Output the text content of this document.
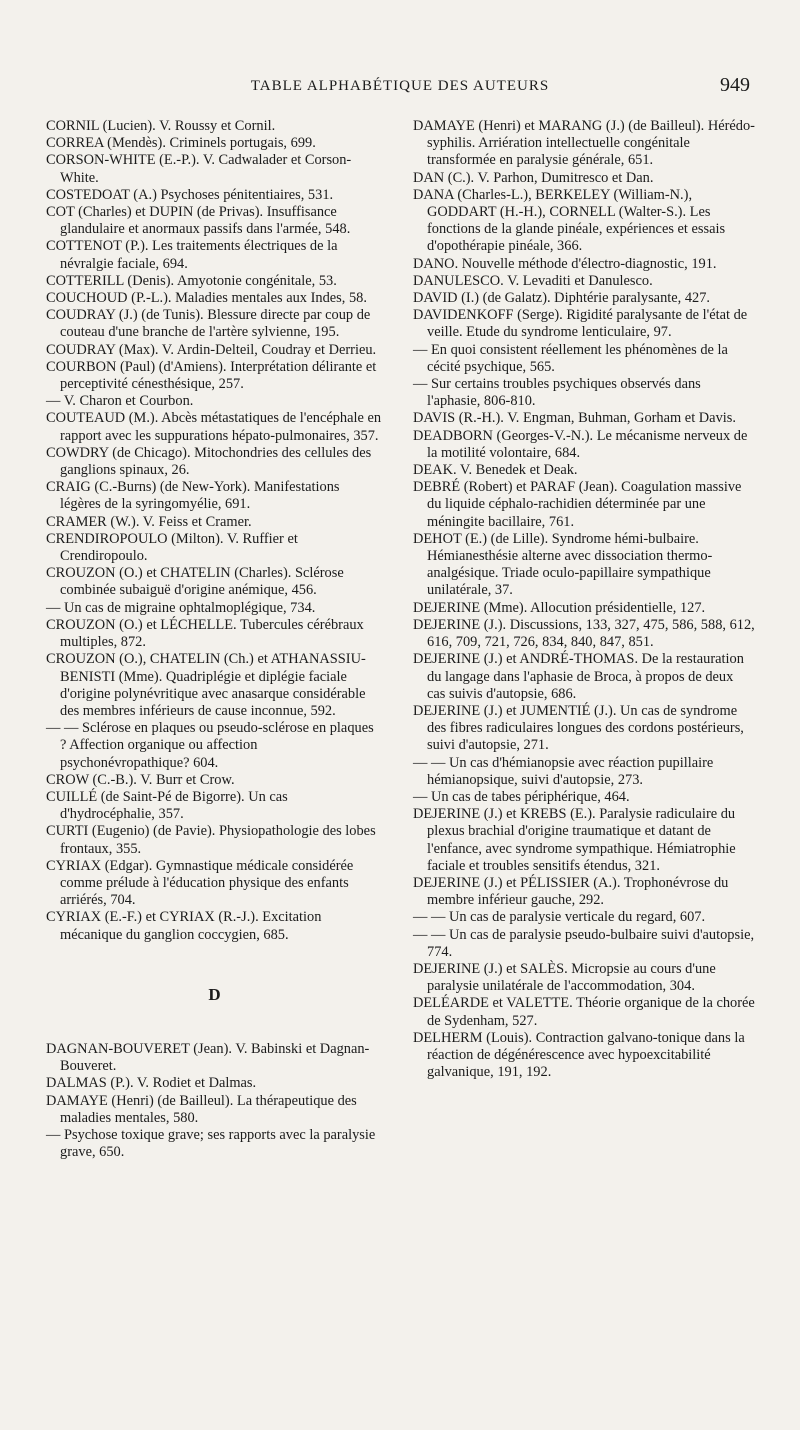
TABLE ALPHABÉTIQUE DES AUTEURS	949

CORNIL (Lucien). V. Roussy et Cornil.

CORREA (Mendès). Criminels portugais, 699.

CORSON-WHITE (E.-P.). V. Cadwalader et Corson-White.

COSTEDOAT (A.) Psychoses pénitentiaires, 531.

COT (Charles) et DUPIN (de Privas). Insuffisance glandulaire et anormaux passifs dans l'armée, 548.

COTTENOT (P.). Les traitements électriques de la névralgie faciale, 694.

COTTERILL (Denis). Amyotonie congénitale, 53.

COUCHOUD (P.-L.). Maladies mentales aux Indes, 58.

COUDRAY (J.) (de Tunis). Blessure directe par coup de couteau d'une branche de l'artère sylvienne, 195.

COUDRAY (Max). V. Ardin-Delteil, Coudray et Derrieu.

COURBON (Paul) (d'Amiens). Interprétation délirante et perceptivité cénesthésique, 257.

— V. Charon et Courbon.

COUTEAUD (M.). Abcès métastatiques de l'encéphale en rapport avec les suppurations hépato-pulmonaires, 357.

COWDRY (de Chicago). Mitochondries des cellules des ganglions spinaux, 26.

CRAIG (C.-Burns) (de New-York). Manifestations légères de la syringomyélie, 691.

CRAMER (W.). V. Feiss et Cramer.

CRENDIROPOULO (Milton). V. Ruffier et Crendiropoulo.

CROUZON (O.) et CHATELIN (Charles). Sclérose combinée subaiguë d'origine anémique, 456.

— Un cas de migraine ophtalmoplégique, 734.

CROUZON (O.) et LÉCHELLE. Tubercules cérébraux multiples, 872.

CROUZON (O.), CHATELIN (Ch.) et ATHANASSIU-BENISTI (Mme). Quadriplégie et diplégie faciale d'origine polynévritique avec anasarque considérable des membres inférieurs de cause inconnue, 592.

— — Sclérose en plaques ou pseudo-sclérose en plaques ? Affection organique ou affection psychonévropathique? 604.

CROW (C.-B.). V. Burr et Crow.

CUILLÉ (de Saint-Pé de Bigorre). Un cas d'hydrocéphalie, 357.

CURTI (Eugenio) (de Pavie). Physiopathologie des lobes frontaux, 355.

CYRIAX (Edgar). Gymnastique médicale considérée comme prélude à l'éducation physique des enfants arriérés, 704.

CYRIAX (E.-F.) et CYRIAX (R.-J.). Excitation mécanique du ganglion coccygien, 685.

D

DAGNAN-BOUVERET (Jean). V. Babinski et Dagnan-Bouveret.

DALMAS (P.). V. Rodiet et Dalmas.

DAMAYE (Henri) (de Bailleul). La thérapeutique des maladies mentales, 580.

— Psychose toxique grave; ses rapports avec la paralysie grave, 650.

DAMAYE (Henri) et MARANG (J.) (de Bailleul). Hérédo-syphilis. Arriération intellectuelle congénitale transformée en paralysie générale, 651.

DAN (C.). V. Parhon, Dumitresco et Dan.

DANA (Charles-L.), BERKELEY (William-N.), GODDART (H.-H.), CORNELL (Walter-S.). Les fonctions de la glande pinéale, expériences et essais d'opothérapie pinéale, 366.

DANO. Nouvelle méthode d'électro-diagnostic, 191.

DANULESCO. V. Levaditi et Danulesco.

DAVID (I.) (de Galatz). Diphtérie paralysante, 427.

DAVIDENKOFF (Serge). Rigidité paralysante de l'état de veille. Etude du syndrome lenticulaire, 97.

— En quoi consistent réellement les phénomènes de la cécité psychique, 565.

— Sur certains troubles psychiques observés dans l'aphasie, 806-810.

DAVIS (R.-H.). V. Engman, Buhman, Gorham et Davis.

DEADBORN (Georges-V.-N.). Le mécanisme nerveux de la motilité volontaire, 684.

DEAK. V. Benedek et Deak.

DEBRÉ (Robert) et PARAF (Jean). Coagulation massive du liquide céphalo-rachidien déterminée par une méningite bacillaire, 761.

DEHOT (E.) (de Lille). Syndrome hémi-bulbaire. Hémianesthésie alterne avec dissociation thermo-analgésique. Triade oculo-papillaire sympathique unilatérale, 37.

DEJERINE (Mme). Allocution présidentielle, 127.

DEJERINE (J.). Discussions, 133, 327, 475, 586, 588, 612, 616, 709, 721, 726, 834, 840, 847, 851.

DEJERINE (J.) et ANDRÉ-THOMAS. De la restauration du langage dans l'aphasie de Broca, à propos de deux cas suivis d'autopsie, 686.

DEJERINE (J.) et JUMENTIÉ (J.). Un cas de syndrome des fibres radiculaires longues des cordons postérieurs, suivi d'autopsie, 271.

— — Un cas d'hémianopsie avec réaction pupillaire hémianopsique, suivi d'autopsie, 273.

— Un cas de tabes périphérique, 464.

DEJERINE (J.) et KREBS (E.). Paralysie radiculaire du plexus brachial d'origine traumatique et datant de l'enfance, avec syndrome sympathique. Hémiatrophie faciale et troubles sensitifs étendus, 321.

DEJERINE (J.) et PÉLISSIER (A.). Trophonévrose du membre inférieur gauche, 292.

— — Un cas de paralysie verticale du regard, 607.

— — Un cas de paralysie pseudo-bulbaire suivi d'autopsie, 774.

DEJERINE (J.) et SALÈS. Micropsie au cours d'une paralysie unilatérale de l'accommodation, 304.

DELÉARDE et VALETTE. Théorie organique de la chorée de Sydenham, 527.

DELHERM (Louis). Contraction galvano-tonique dans la réaction de dégénérescence avec hypoexcitabilité galvanique, 191, 192.
